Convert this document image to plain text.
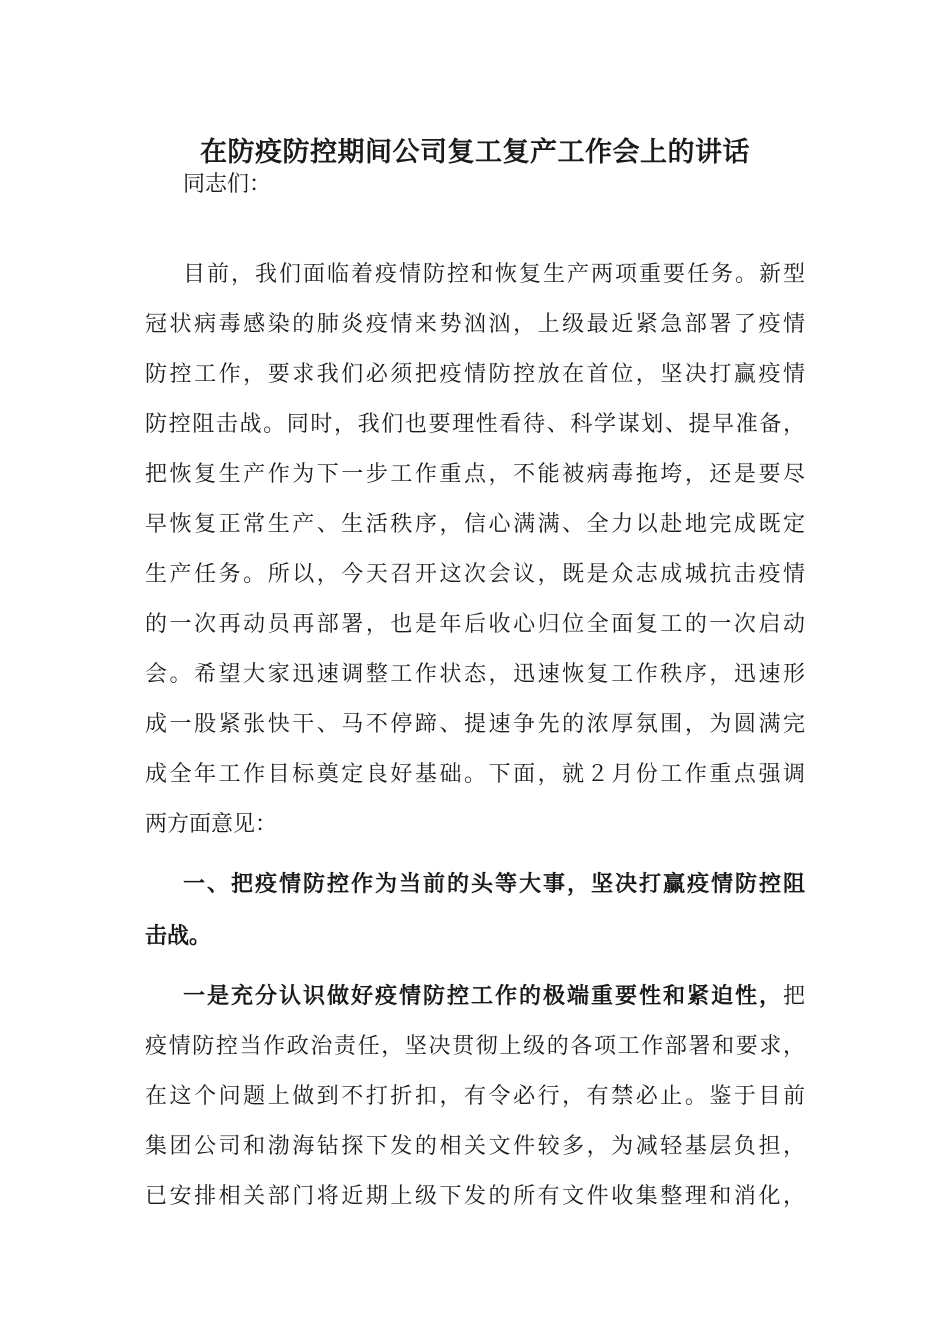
在防疫防控期间公司复工复产工作会上的讲话
同志们：
目前，我们面临着疫情防控和恢复生产两项重要任务。新型
冠状病毒感染的肺炎疫情来势汹汹，上级最近紧急部署了疫情
防控工作，要求我们必须把疫情防控放在首位，坚决打赢疫情
防控阻击战。同时，我们也要理性看待、科学谋划、提早准备，
把恢复生产作为下一步工作重点，不能被病毒拖垮，还是要尽
早恢复正常生产、生活秩序，信心满满、全力以赴地完成既定
生产任务。所以，今天召开这次会议，既是众志成城抗击疫情
的一次再动员再部署，也是年后收心归位全面复工的一次启动
会。希望大家迅速调整工作状态，迅速恢复工作秩序，迅速形
成一股紧张快干、马不停蹄、提速争先的浓厚氛围，为圆满完
成全年工作目标奠定良好基础。下面，就２月份工作重点强调
两方面意见：
一、把疫情防控作为当前的头等大事，坚决打赢疫情防控阻
击战。
一是充分认识做好疫情防控工作的极端重要性和紧迫性，把
疫情防控当作政治责任，坚决贯彻上级的各项工作部署和要求，
在这个问题上做到不打折扣，有令必行，有禁必止。鉴于目前
集团公司和渤海钻探下发的相关文件较多，为减轻基层负担，
已安排相关部门将近期上级下发的所有文件收集整理和消化，
